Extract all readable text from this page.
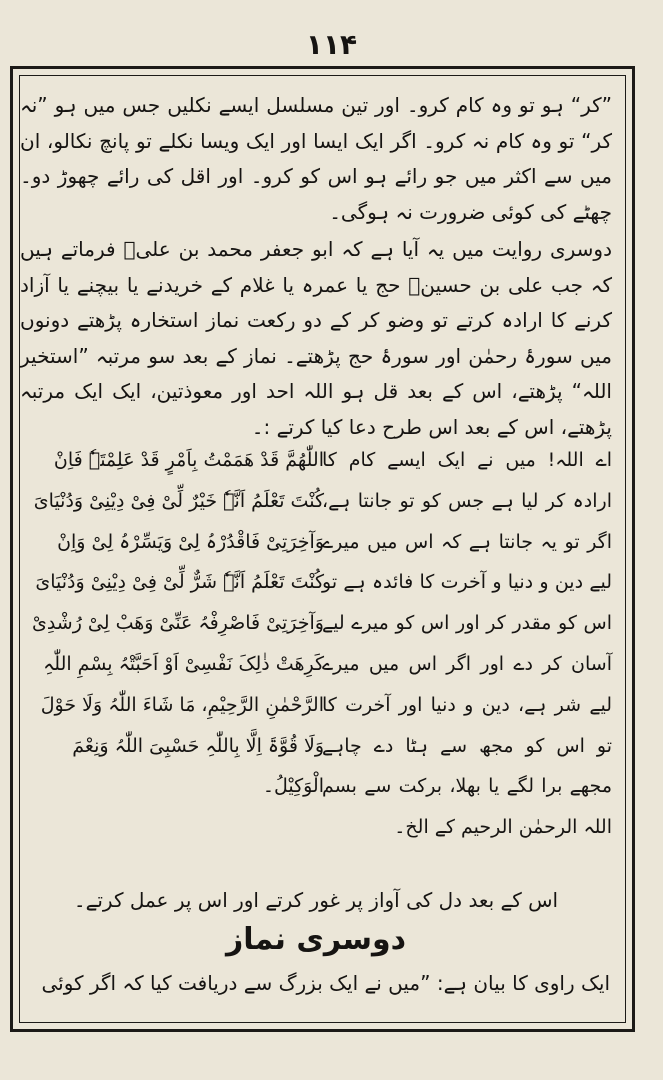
۱۱۴

”کر“ ہو تو وہ کام کرو۔ اور تین مسلسل ایسے نکلیں جس میں ہو ”نہ کر“ تو وہ کام نہ کرو۔ اگر ایک ایسا اور ایک ویسا نکلے تو پانچ نکالو، ان میں سے اکثر میں جو رائے ہو اس کو کرو۔ اور اقل کی رائے چھوڑ دو۔ چھٹے کی کوئی ضرورت نہ ہوگی۔

دوسری روایت میں یہ آیا ہے کہ ابو جعفر محمد بن علیؓ فرماتے ہیں کہ جب علی بن حسینؓ حج یا عمرہ یا غلام کے خریدنے یا بیچنے یا آزاد کرنے کا ارادہ کرتے تو وضو کر کے دو رکعت نماز استخارہ پڑھتے دونوں میں سورۂ رحمٰن اور سورۂ حج پڑھتے۔ نماز کے بعد سو مرتبہ ”استخیر اللہ“ پڑھتے، اس کے بعد قل ہو اللہ احد اور معوذتین، ایک ایک مرتبہ پڑھتے، اس کے بعد اس طرح دعا کیا کرتے :۔

اللّٰھُمَّ قَدْ ھَمَمْتُ بِاَمْرٍ قَدْ عَلِمْتَہٗ فَاِنْ کُنْتَ تَعْلَمُ اَنَّہٗ خَیْرٌ لِّیْ فِیْ دِیْنِیْ وَدُنْیَایَ وَآخِرَتِیْ فَاقْدُرْہُ لِیْ وَیَسِّرْہُ لِیْ وَاِنْ کُنْتَ تَعْلَمُ اَنَّہٗ شَرٌّ لِّیْ فِیْ دِیْنِیْ وَدُنْیَایَ وَآخِرَتِیْ فَاصْرِفْہُ عَنِّیْ وَھَبْ لِیْ رُشْدِیْ کَرِھَتْ ذٰلِکَ نَفْسِیْ اَوْ اَحَبَّتْہُ بِسْمِ اللّٰہِ الرَّحْمٰنِ الرَّحِیْمِ، مَا شَاءَ اللّٰہُ وَلَا حَوْلَ وَلَا قُوَّۃَ اِلَّا بِاللّٰہِ حَسْبِیَ اللّٰہُ وَنِعْمَ الْوَکِیْلُ۔
اے اللہ! میں نے ایک ایسے کام کا ارادہ کر لیا ہے جس کو تو جانتا ہے، اگر تو یہ جانتا ہے کہ اس میں میرے لیے دین و دنیا و آخرت کا فائدہ ہے تو اس کو مقدر کر اور اس کو میرے لیے آسان کر دے اور اگر اس میں میرے لیے شر ہے، دین و دنیا اور آخرت کا تو اس کو مجھ سے ہٹا دے چاہے مجھے برا لگے یا بھلا، برکت سے بسم اللہ الرحمٰن الرحیم کے الخ۔
اس کے بعد دل کی آواز پر غور کرتے اور اس پر عمل کرتے۔
دوسری نماز
ایک راوی کا بیان ہے: ”میں نے ایک بزرگ سے دریافت کیا کہ اگر کوئی
